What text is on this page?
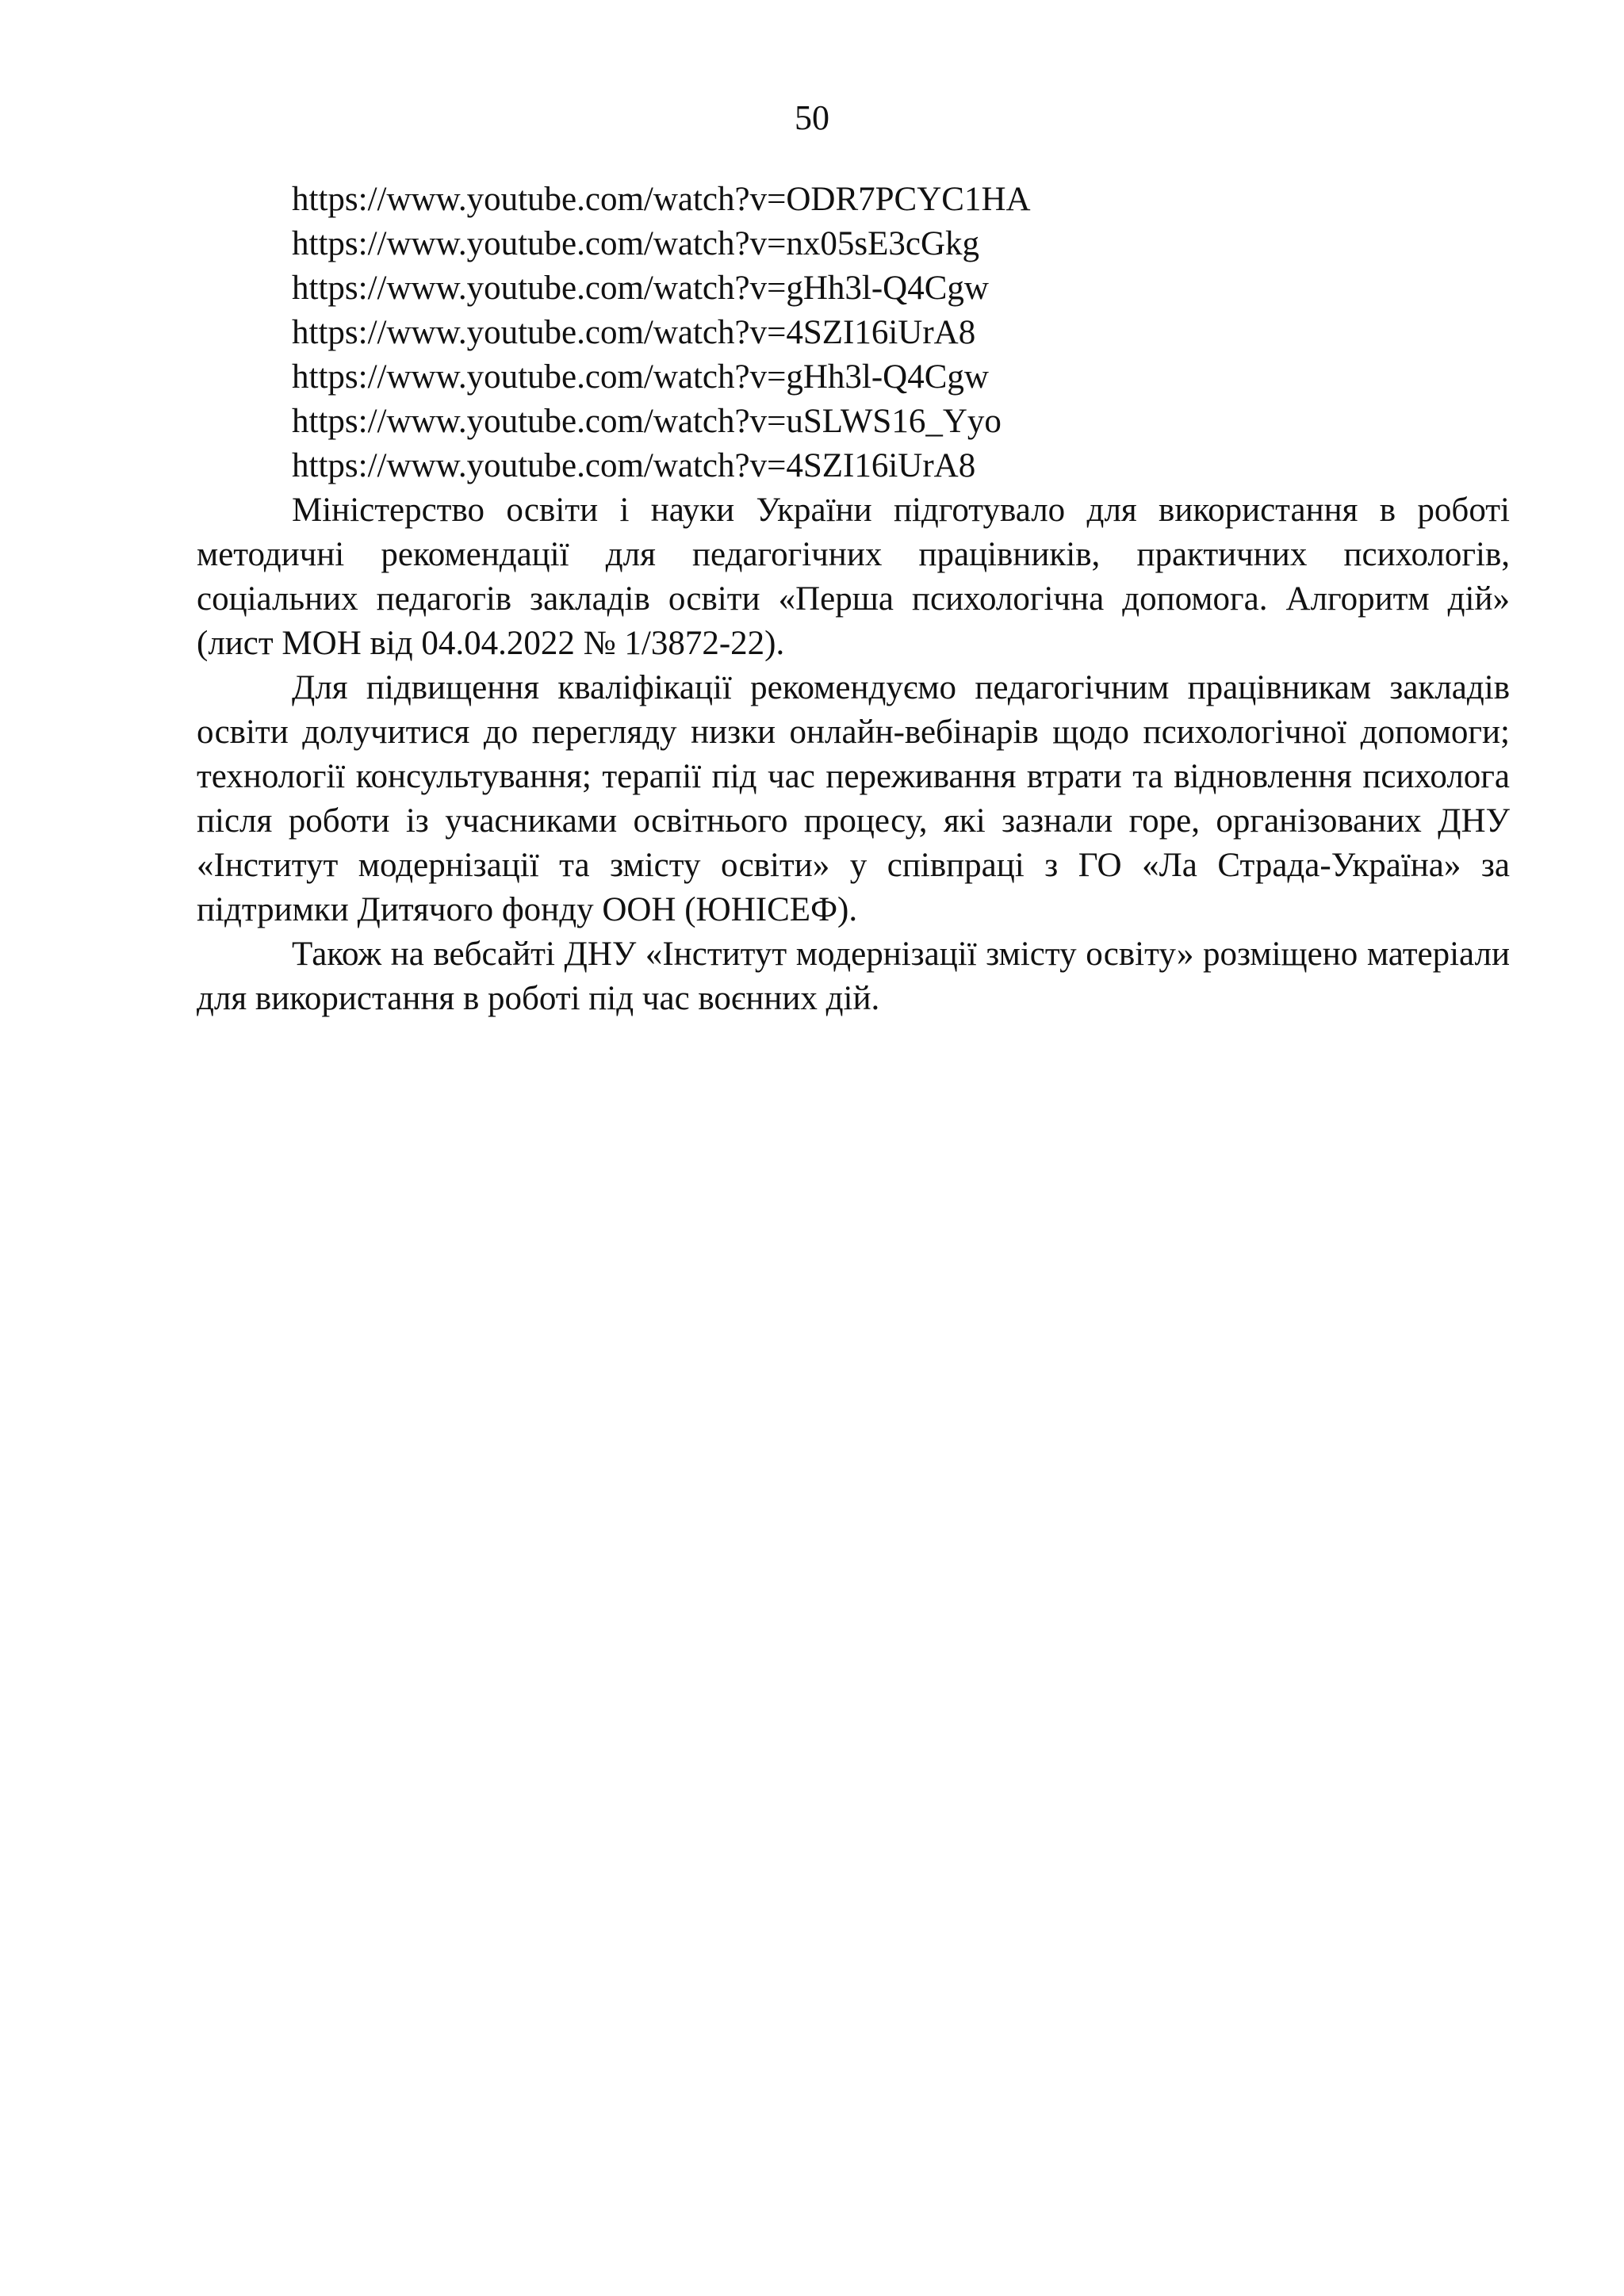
50
https://www.youtube.com/watch?v=ODR7PCYC1HA
https://www.youtube.com/watch?v=nx05sE3cGkg
https://www.youtube.com/watch?v=gHh3l-Q4Cgw
https://www.youtube.com/watch?v=4SZI16iUrA8
https://www.youtube.com/watch?v=gHh3l-Q4Cgw
https://www.youtube.com/watch?v=uSLWS16_Yyo
https://www.youtube.com/watch?v=4SZI16iUrA8

Міністерство освіти і науки України підготувало для використання в роботі методичні рекомендації для педагогічних працівників, практичних психологів, соціальних педагогів закладів освіти «Перша психологічна допомога. Алгоритм дій» (лист МОН від 04.04.2022 № 1/3872-22).

Для підвищення кваліфікації рекомендуємо педагогічним працівникам закладів освіти долучитися до перегляду низки онлайн-вебінарів щодо психологічної допомоги; технології консультування; терапії під час переживання втрати та відновлення психолога після роботи із учасниками освітнього процесу, які зазнали горе, організованих ДНУ «Інститут модернізації та змісту освіти» у співпраці з ГО «Ла Страда-Україна» за підтримки Дитячого фонду ООН (ЮНІСЕФ).

Також на вебсайті ДНУ «Інститут модернізації змісту освіту» розміщено матеріали для використання в роботі під час воєнних дій.
